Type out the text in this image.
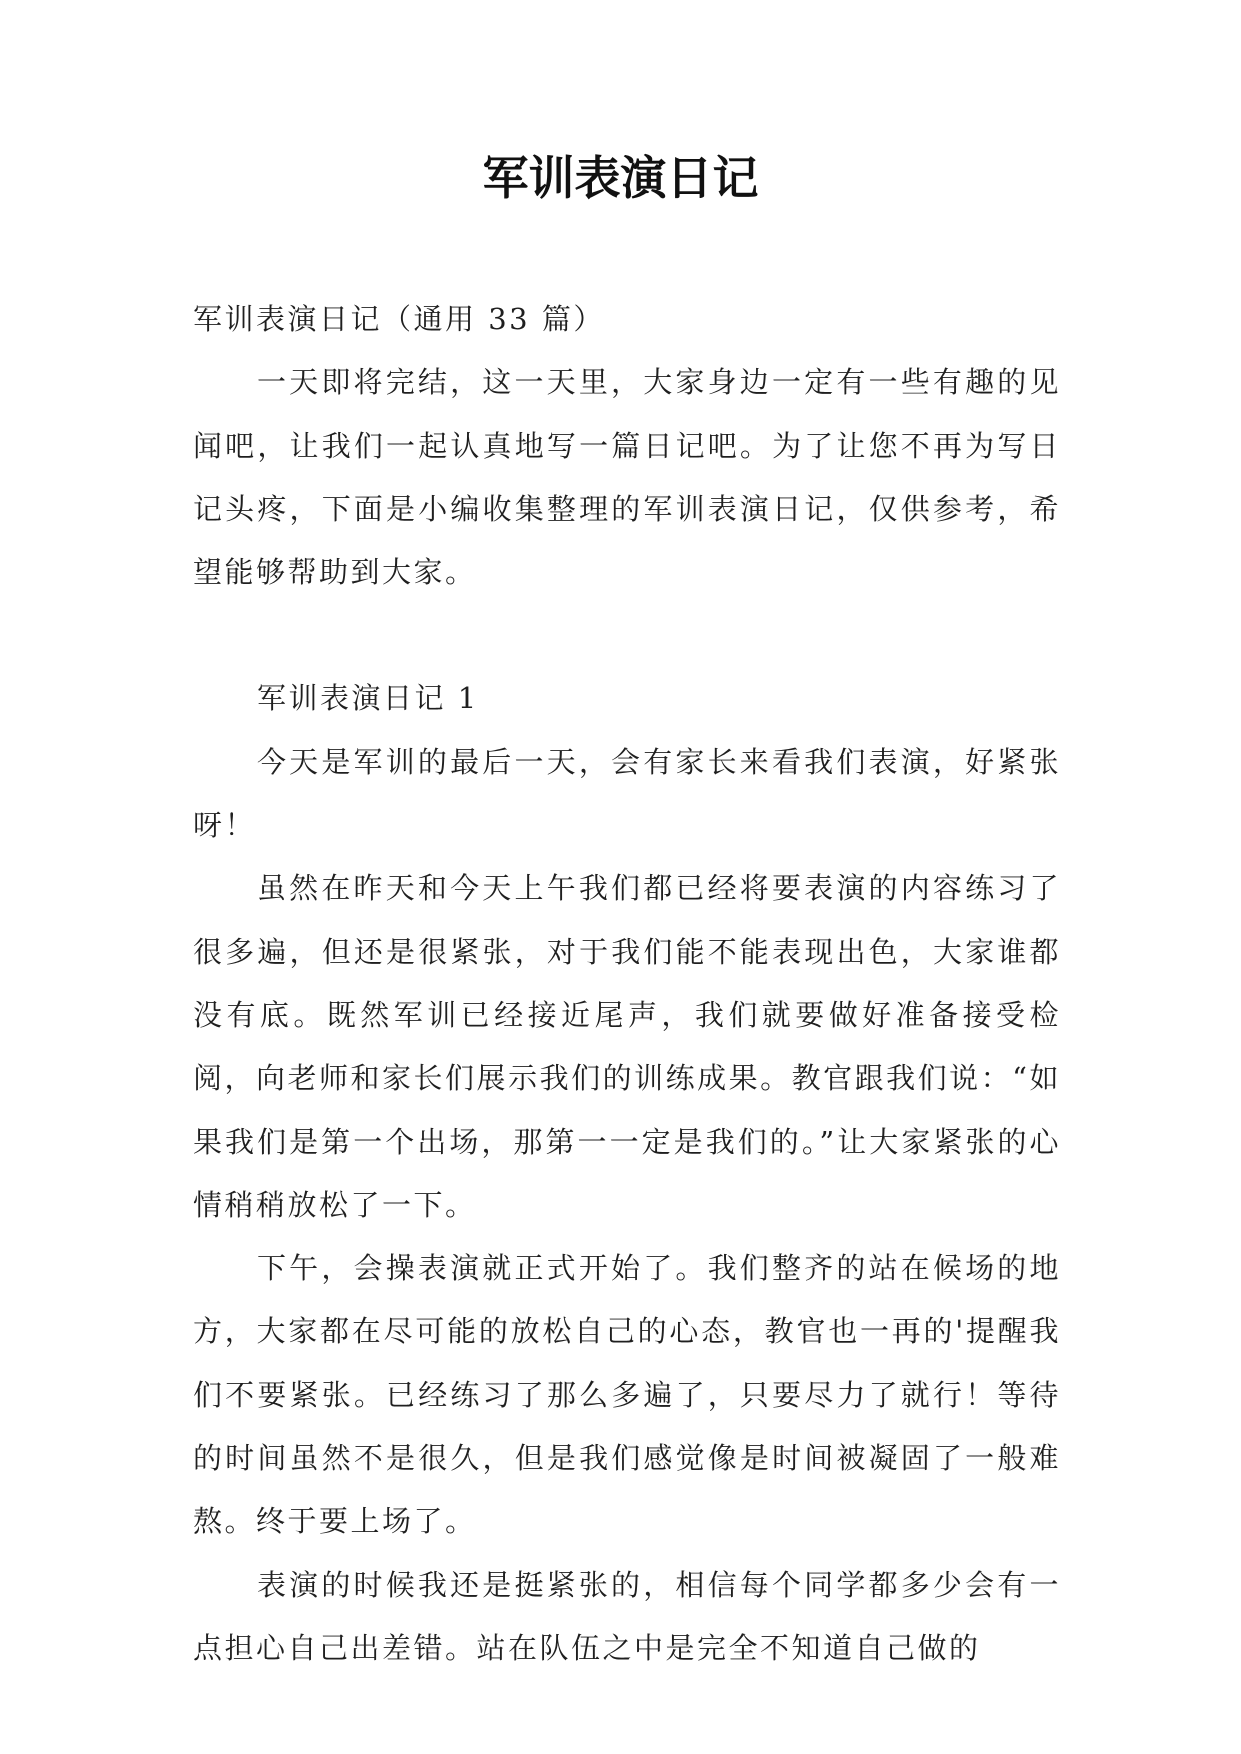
军训表演日记

军训表演日记（通用 33 篇）

一天即将完结，这一天里，大家身边一定有一些有趣的见闻吧，让我们一起认真地写一篇日记吧。为了让您不再为写日记头疼，下面是小编收集整理的军训表演日记，仅供参考，希望能够帮助到大家。

军训表演日记 1

今天是军训的最后一天，会有家长来看我们表演，好紧张呀！

虽然在昨天和今天上午我们都已经将要表演的内容练习了很多遍，但还是很紧张，对于我们能不能表现出色，大家谁都没有底。既然军训已经接近尾声，我们就要做好准备接受检阅，向老师和家长们展示我们的训练成果。教官跟我们说：“如果我们是第一个出场，那第一一定是我们的。”让大家紧张的心情稍稍放松了一下。

下午，会操表演就正式开始了。我们整齐的站在候场的地方，大家都在尽可能的放松自己的心态，教官也一再的'提醒我们不要紧张。已经练习了那么多遍了，只要尽力了就行！等待的时间虽然不是很久，但是我们感觉像是时间被凝固了一般难熬。终于要上场了。

表演的时候我还是挺紧张的，相信每个同学都多少会有一点担心自己出差错。站在队伍之中是完全不知道自己做的
